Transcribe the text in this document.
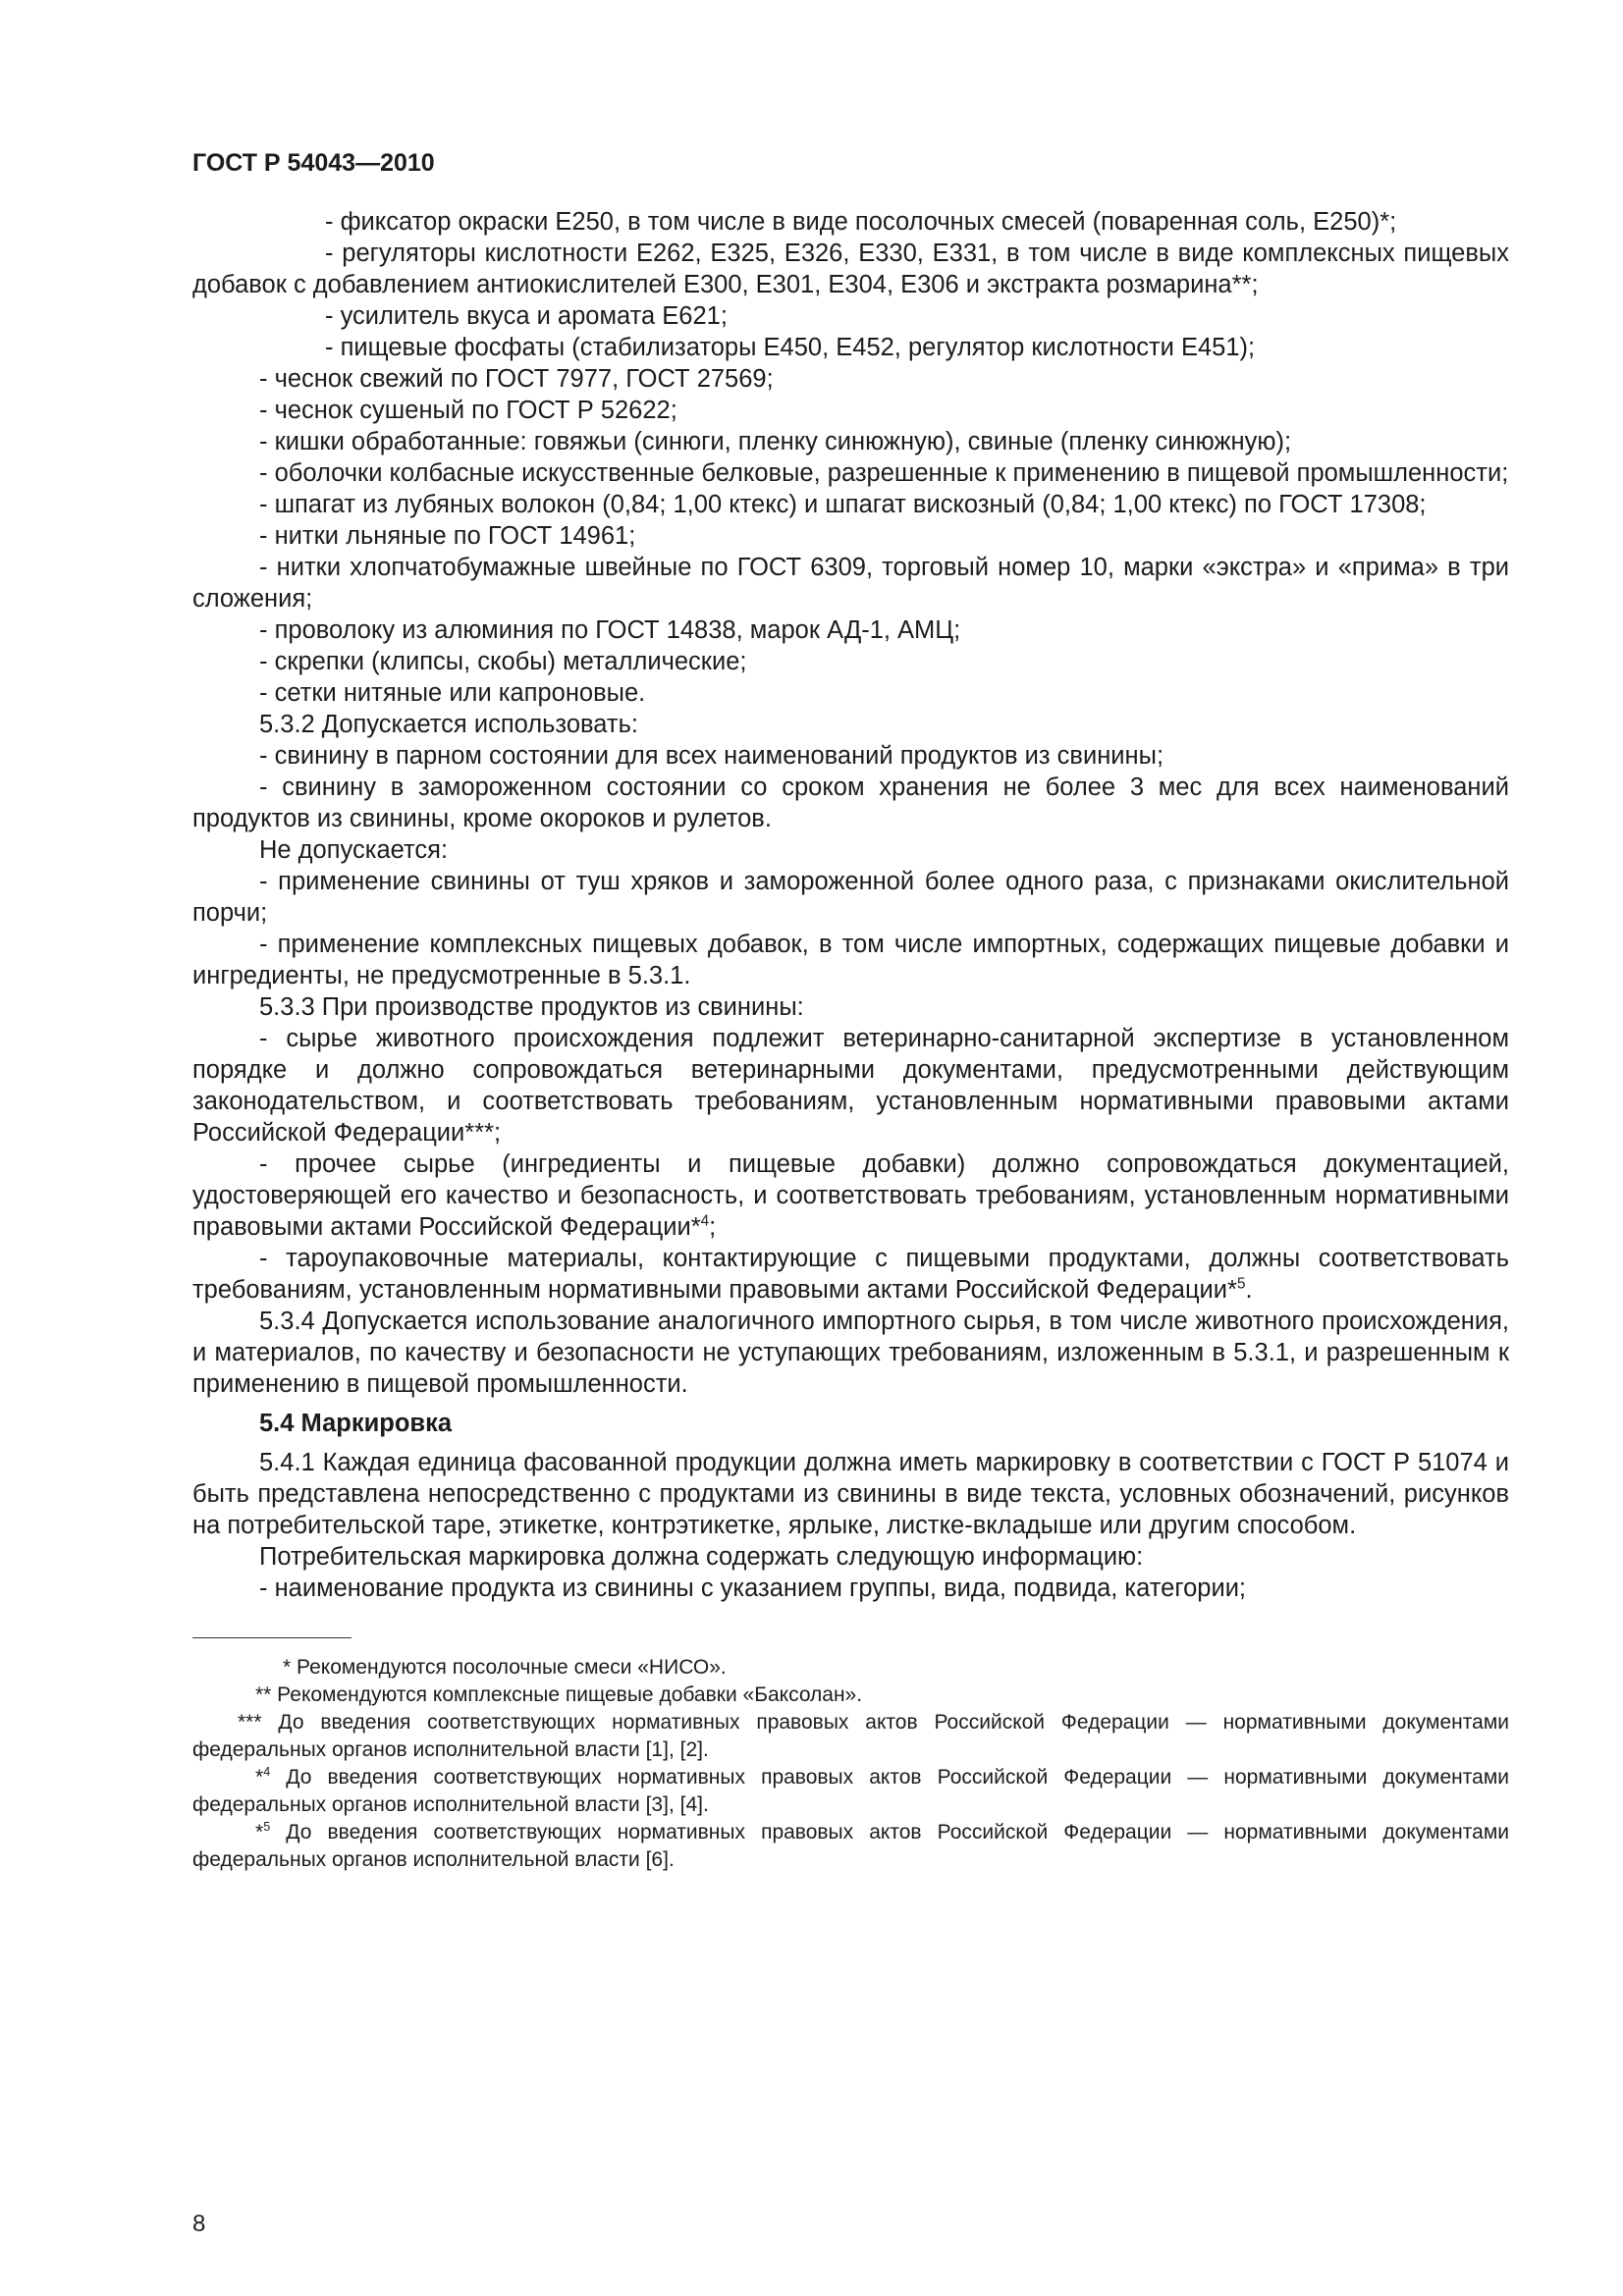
ГОСТ Р 54043—2010

- фиксатор окраски Е250, в том числе в виде посолочных смесей (поваренная соль, Е250)*;

- регуляторы кислотности Е262, Е325, Е326, Е330, Е331, в том числе в виде комплексных пищевых добавок с добавлением антиокислителей Е300, Е301, Е304, Е306 и экстракта розмарина**;

- усилитель вкуса и аромата Е621;

- пищевые фосфаты (стабилизаторы Е450, Е452, регулятор кислотности Е451);

- чеснок свежий по ГОСТ 7977, ГОСТ 27569;

- чеснок сушеный по ГОСТ Р 52622;

- кишки обработанные: говяжьи (синюги, пленку синюжную), свиные (пленку синюжную);

- оболочки колбасные искусственные белковые, разрешенные к применению в пищевой промышленности;

- шпагат из лубяных волокон (0,84; 1,00 ктекс) и шпагат вискозный (0,84; 1,00 ктекс) по ГОСТ 17308;

- нитки льняные по ГОСТ 14961;

- нитки хлопчатобумажные швейные по ГОСТ 6309, торговый номер 10, марки «экстра» и «прима» в три сложения;

- проволоку из алюминия по ГОСТ 14838, марок АД-1, АМЦ;

- скрепки (клипсы, скобы) металлические;

- сетки нитяные или капроновые.

5.3.2 Допускается использовать:

- свинину в парном состоянии для всех наименований продуктов из свинины;

- свинину в замороженном состоянии со сроком хранения не более 3 мес для всех наименований продуктов из свинины, кроме окороков и рулетов.

Не допускается:

- применение свинины от туш хряков и замороженной более одного раза, с признаками окислительной порчи;

- применение комплексных пищевых добавок, в том числе импортных, содержащих пищевые добавки и ингредиенты, не предусмотренные в 5.3.1.

5.3.3 При производстве продуктов из свинины:

- сырье животного происхождения подлежит ветеринарно-санитарной экспертизе в установленном порядке и должно сопровождаться ветеринарными документами, предусмотренными действующим законодательством, и соответствовать требованиям, установленным нормативными правовыми актами Российской Федерации***;

- прочее сырье (ингредиенты и пищевые добавки) должно сопровождаться документацией, удостоверяющей его качество и безопасность, и соответствовать требованиям, установленным нормативными правовыми актами Российской Федерации*$^4$;

- тароупаковочные материалы, контактирующие с пищевыми продуктами, должны соответствовать требованиям, установленным нормативными правовыми актами Российской Федерации*$^5$.

5.3.4 Допускается использование аналогичного импортного сырья, в том числе животного происхождения, и материалов, по качеству и безопасности не уступающих требованиям, изложенным в 5.3.1, и разрешенным к применению в пищевой промышленности.

5.4 Маркировка

5.4.1 Каждая единица фасованной продукции должна иметь маркировку в соответствии с ГОСТ Р 51074 и быть представлена непосредственно с продуктами из свинины в виде текста, условных обозначений, рисунков на потребительской таре, этикетке, контрэтикетке, ярлыке, листке-вкладыше или другим способом.

Потребительская маркировка должна содержать следующую информацию:

- наименование продукта из свинины с указанием группы, вида, подвида, категории;

* Рекомендуются посолочные смеси «НИСО».

** Рекомендуются комплексные пищевые добавки «Баксолан».

*** До введения соответствующих нормативных правовых актов Российской Федерации — нормативными документами федеральных органов исполнительной власти [1], [2].

*$^4$ До введения соответствующих нормативных правовых актов Российской Федерации — нормативными документами федеральных органов исполнительной власти [3], [4].

*$^5$ До введения соответствующих нормативных правовых актов Российской Федерации — нормативными документами федеральных органов исполнительной власти [6].

8
